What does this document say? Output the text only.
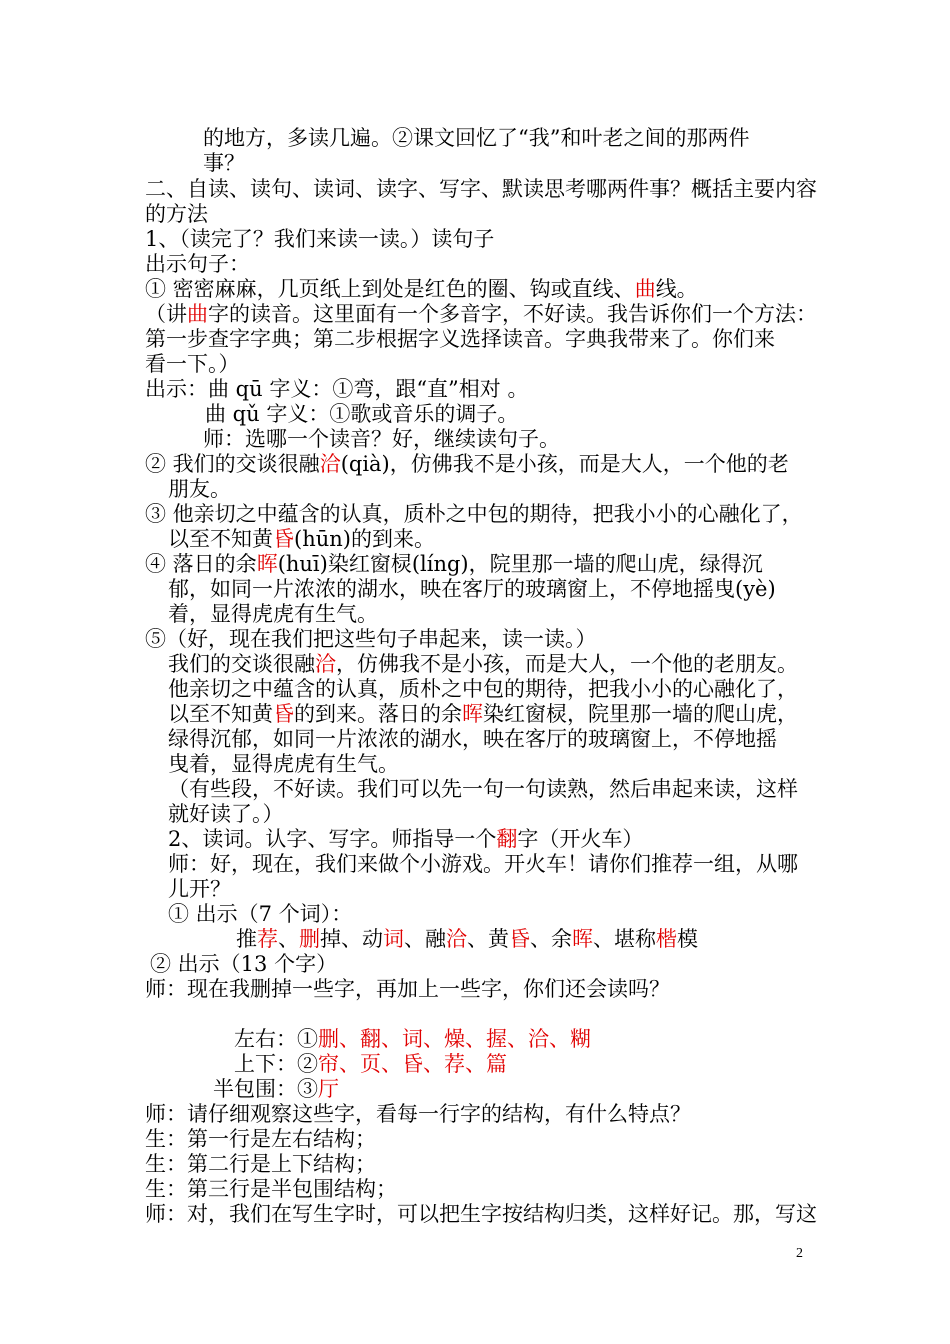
的地方，多读几遍。②课文回忆了“我”和叶老之间的那两件
事？
二、自读、读句、读词、读字、写字、默读思考哪两件事？概括主要内容
的方法
1、（读完了？我们来读一读。）读句子
出示句子：
① 密密麻麻，几页纸上到处是红色的圈、钩或直线、曲线。
（讲曲字的读音。这里面有一个多音字，不好读。我告诉你们一个方法：
第一步查字字典；第二步根据字义选择读音。字典我带来了。你们来
看一下。）
出示：曲 qū 字义：①弯，跟“直”相对 。
曲 qǔ 字义：①歌或音乐的调子。
师：选哪一个读音？好，继续读句子。
② 我们的交谈很融洽(qià)，仿佛我不是小孩，而是大人，一个他的老
朋友。
③ 他亲切之中蕴含的认真，质朴之中包的期待，把我小小的心融化了，
以至不知黄昏(hūn)的到来。
④ 落日的余晖(huī)染红窗棂(líng)，院里那一墙的爬山虎，绿得沉
郁，如同一片浓浓的湖水，映在客厅的玻璃窗上，不停地摇曳(yè)
着，显得虎虎有生气。
⑤（好，现在我们把这些句子串起来，读一读。）
我们的交谈很融洽，仿佛我不是小孩，而是大人，一个他的老朋友。
他亲切之中蕴含的认真，质朴之中包的期待，把我小小的心融化了，
以至不知黄昏的到来。落日的余晖染红窗棂，院里那一墙的爬山虎，
绿得沉郁，如同一片浓浓的湖水，映在客厅的玻璃窗上，不停地摇
曳着，显得虎虎有生气。
（有些段，不好读。我们可以先一句一句读熟，然后串起来读，这样
就好读了。）
2、读词。认字、写字。师指导一个翻字（开火车）
师：好，现在，我们来做个小游戏。开火车！请你们推荐一组，从哪
儿开？
① 出示（7 个词）：
推荐、删掉、动词、融洽、黄昏、余晖、堪称楷模
② 出示（13 个字）
师：现在我删掉一些字，再加上一些字，你们还会读吗？
左右：①删、翻、词、燥、握、洽、糊
上下：②帘、页、昏、荐、篇
半包围：③厅
师：请仔细观察这些字，看每一行字的结构，有什么特点？
生：第一行是左右结构；
生：第二行是上下结构；
生：第三行是半包围结构；
师：对，我们在写生字时，可以把生字按结构归类，这样好记。那，写这
2
